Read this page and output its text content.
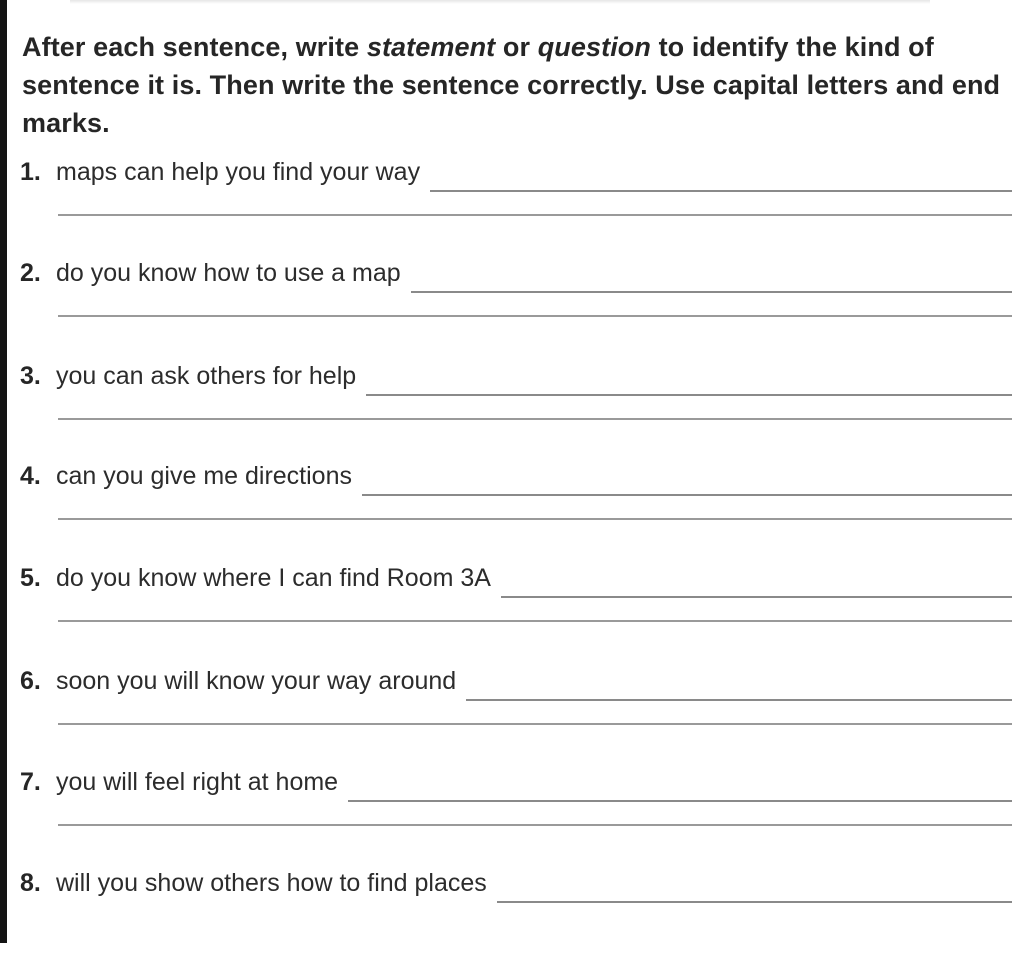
After each sentence, write statement or question to identify the kind of sentence it is. Then write the sentence correctly. Use capital letters and end marks.
1. maps can help you find your way
2. do you know how to use a map
3. you can ask others for help
4. can you give me directions
5. do you know where I can find Room 3A
6. soon you will know your way around
7. you will feel right at home
8. will you show others how to find places
